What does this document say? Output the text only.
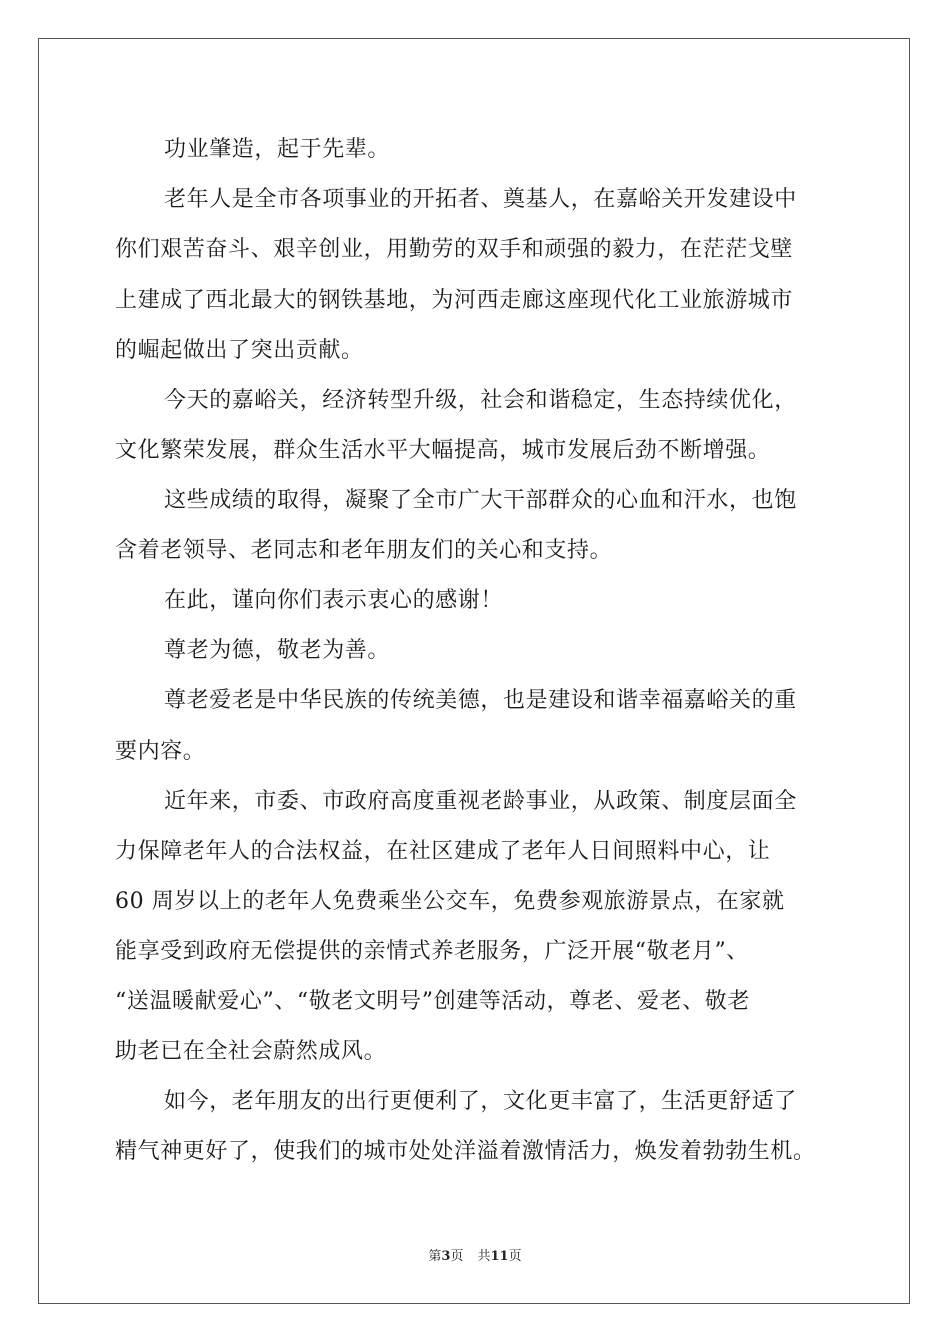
功业肇造，起于先辈。
老年人是全市各项事业的开拓者、奠基人，在嘉峪关开发建设中
你们艰苦奋斗、艰辛创业，用勤劳的双手和顽强的毅力，在茫茫戈壁
上建成了西北最大的钢铁基地，为河西走廊这座现代化工业旅游城市
的崛起做出了突出贡献。
今天的嘉峪关，经济转型升级，社会和谐稳定，生态持续优化，
文化繁荣发展，群众生活水平大幅提高，城市发展后劲不断增强。
这些成绩的取得，凝聚了全市广大干部群众的心血和汗水，也饱
含着老领导、老同志和老年朋友们的关心和支持。
在此，谨向你们表示衷心的感谢！
尊老为德，敬老为善。
尊老爱老是中华民族的传统美德，也是建设和谐幸福嘉峪关的重
要内容。
近年来，市委、市政府高度重视老龄事业，从政策、制度层面全
力保障老年人的合法权益，在社区建成了老年人日间照料中心，让
60 周岁以上的老年人免费乘坐公交车，免费参观旅游景点，在家就
能享受到政府无偿提供的亲情式养老服务，广泛开展“敬老月”、
“送温暖献爱心”、“敬老文明号”创建等活动，尊老、爱老、敬老
助老已在全社会蔚然成风。
如今，老年朋友的出行更便利了，文化更丰富了，生活更舒适了
精气神更好了，使我们的城市处处洋溢着激情活力，焕发着勃勃生机。
第3页 共11页
